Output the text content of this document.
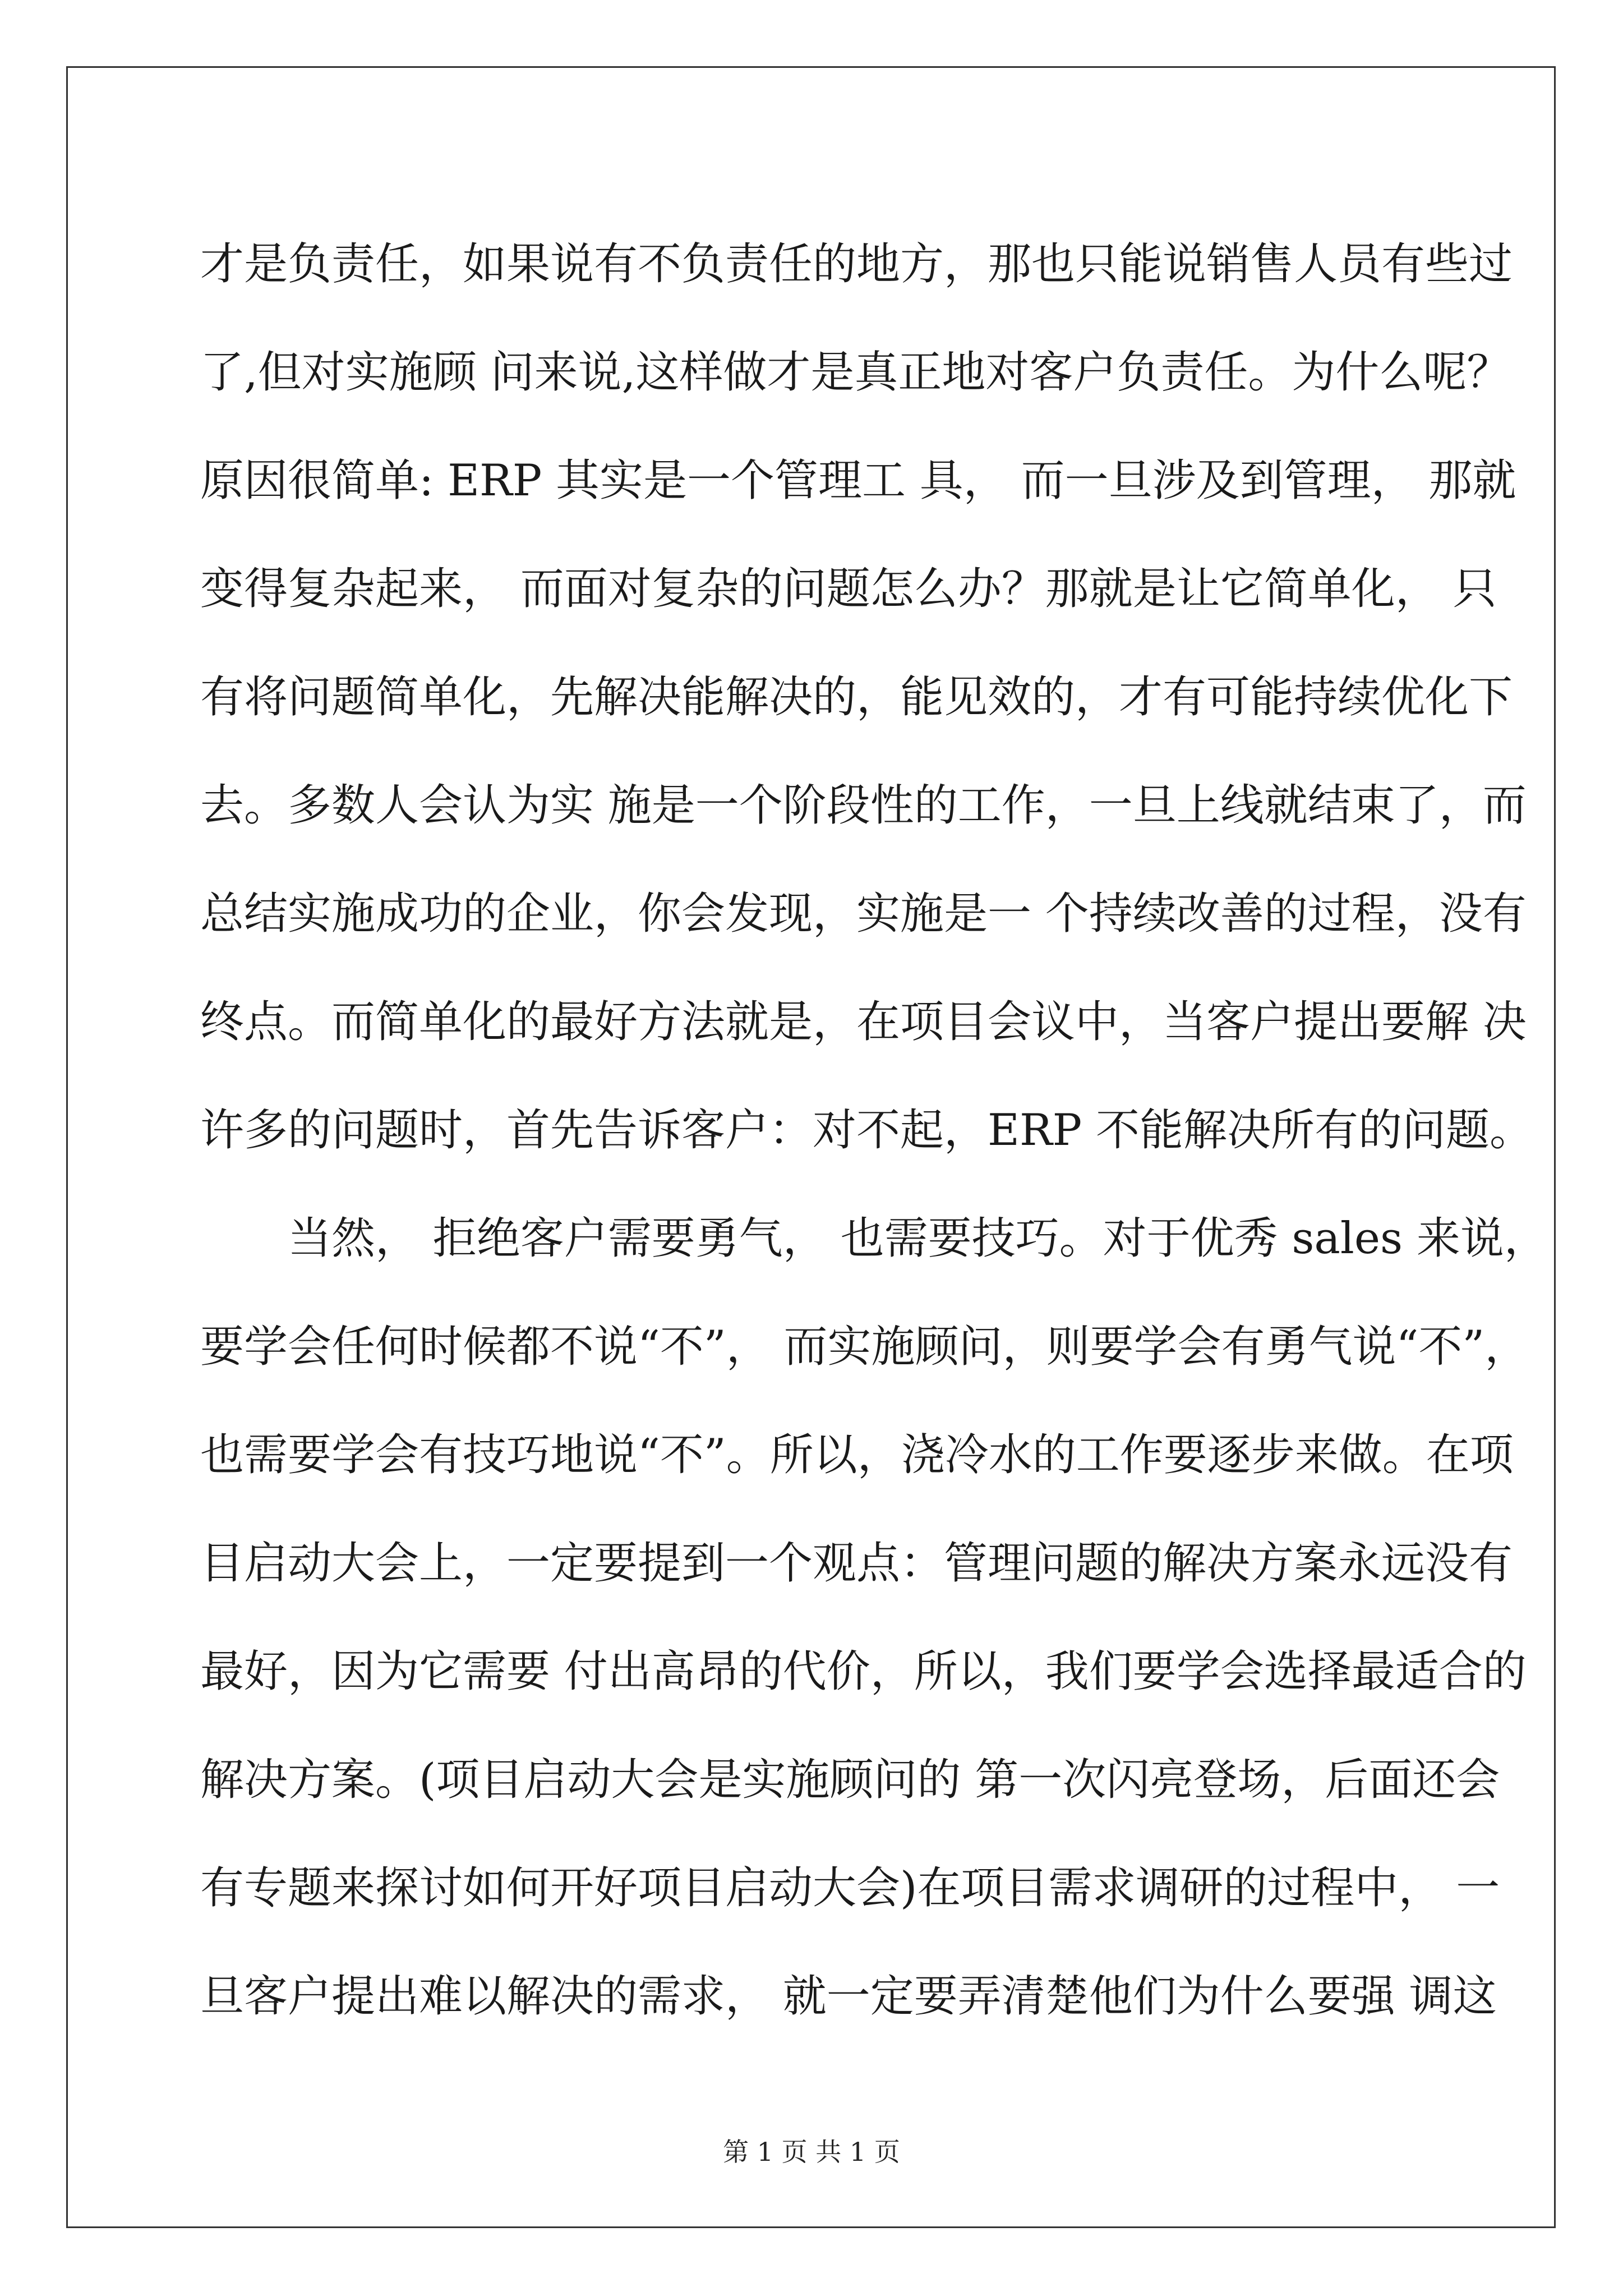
才是负责任，如果说有不负责任的地方，那也只能说销售人员有些过
了,但对实施顾 问来说,这样做才是真正地对客户负责任。为什么呢？
原因很简单: ERP 其实是一个管理工 具， 而一旦涉及到管理， 那就
变得复杂起来， 而面对复杂的问题怎么办？那就是让它简单化， 只
有将问题简单化，先解决能解决的，能见效的，才有可能持续优化下
去。多数人会认为实 施是一个阶段性的工作，一旦上线就结束了，而
总结实施成功的企业，你会发现，实施是一 个持续改善的过程，没有
终点。而简单化的最好方法就是，在项目会议中，当客户提出要解 决
许多的问题时，首先告诉客户：对不起，ERP 不能解决所有的问题。
当然， 拒绝客户需要勇气， 也需要技巧。对于优秀 sales 来说，
要学会任何时候都不说“不”， 而实施顾问，则要学会有勇气说“不”，
也需要学会有技巧地说“不”。所以，浇冷水的工作要逐步来做。在项
目启动大会上，一定要提到一个观点：管理问题的解决方案永远没有
最好，因为它需要 付出高昂的代价，所以，我们要学会选择最适合的
解决方案。(项目启动大会是实施顾问的 第一次闪亮登场，后面还会
有专题来探讨如何开好项目启动大会)在项目需求调研的过程中， 一
旦客户提出难以解决的需求， 就一定要弄清楚他们为什么要强 调这
第 1 页 共 1 页
